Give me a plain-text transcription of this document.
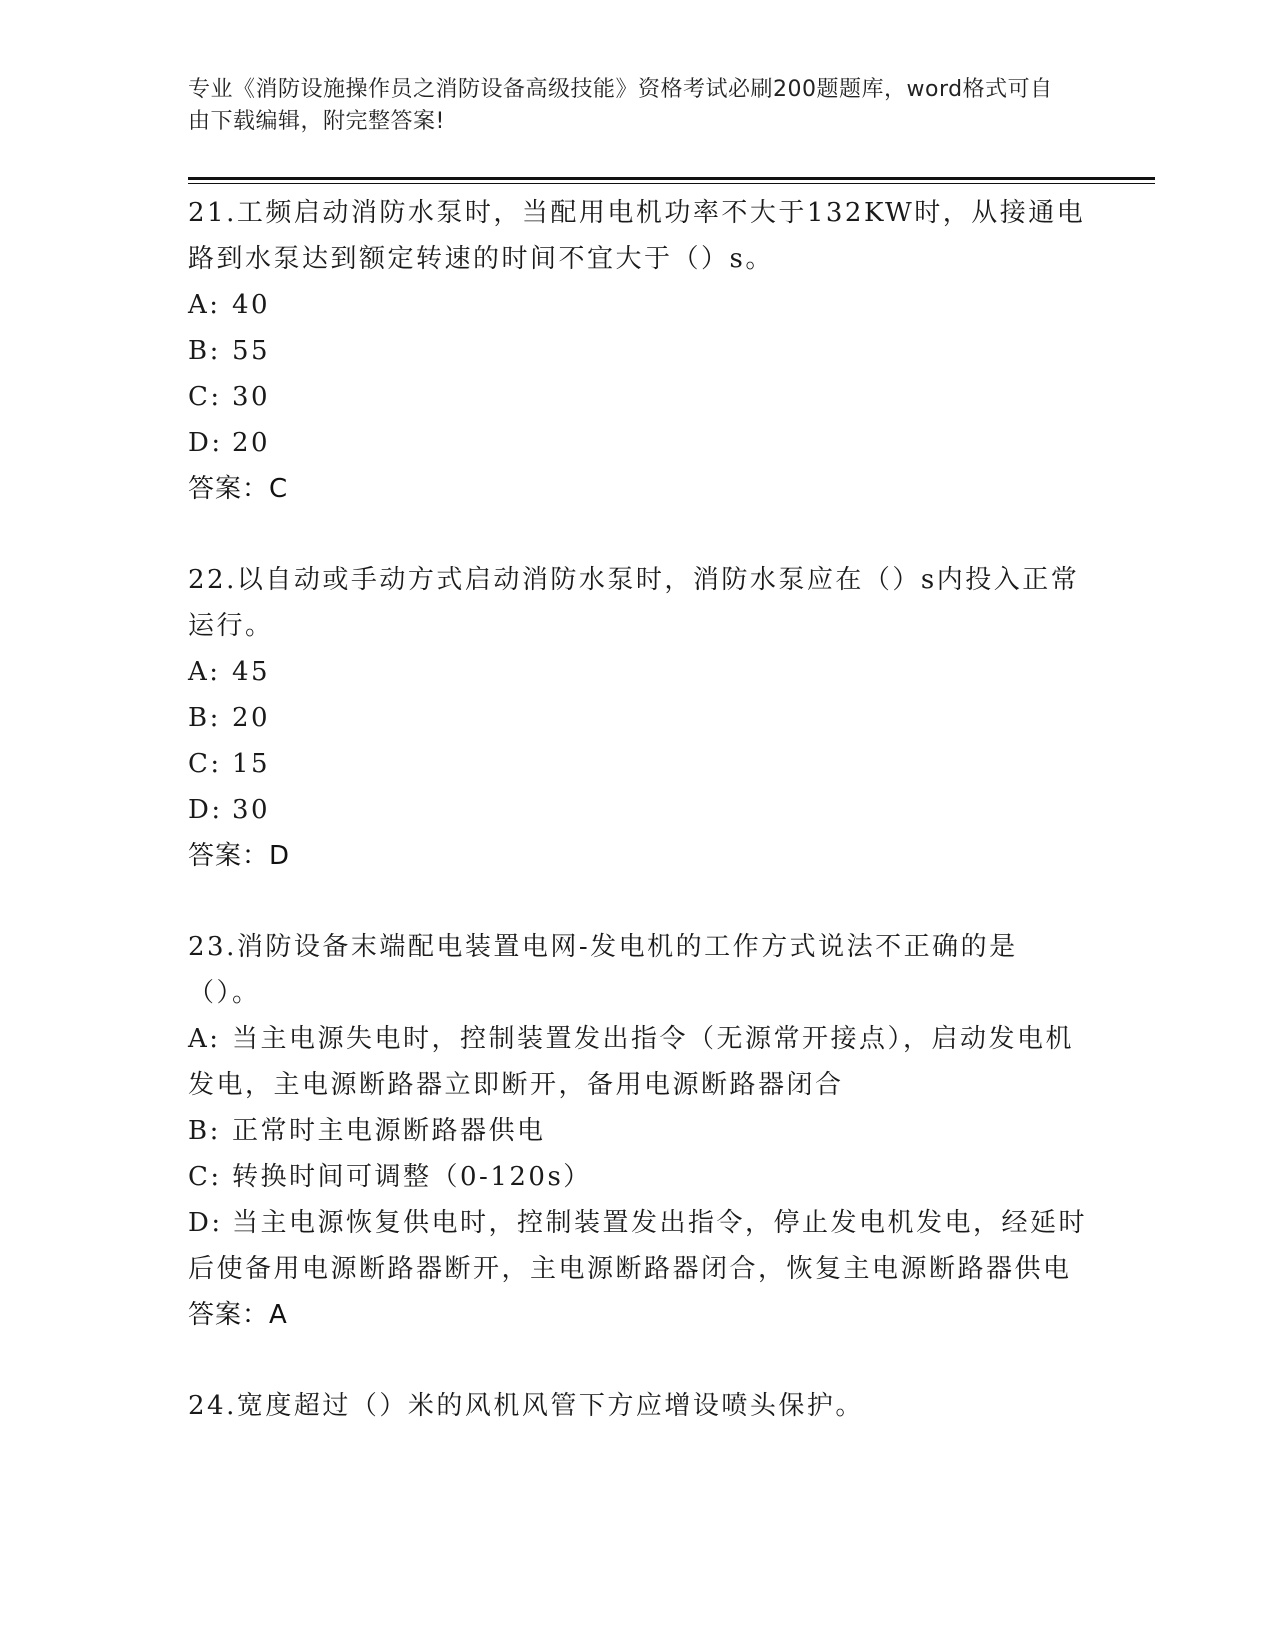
专业《消防设施操作员之消防设备高级技能》资格考试必刷200题题库，word格式可自由下载编辑，附完整答案!

21.工频启动消防水泵时，当配用电机功率不大于132KW时，从接通电路到水泵达到额定转速的时间不宜大于（）s。

A: 40

B: 55

C: 30

D: 20

答案：C

22.以自动或手动方式启动消防水泵时，消防水泵应在（）s内投入正常运行。

A: 45

B: 20

C: 15

D: 30

答案：D

23.消防设备末端配电装置电网-发电机的工作方式说法不正确的是（）。

A: 当主电源失电时，控制装置发出指令（无源常开接点），启动发电机发电，主电源断路器立即断开，备用电源断路器闭合

B: 正常时主电源断路器供电

C: 转换时间可调整（0-120s）

D: 当主电源恢复供电时，控制装置发出指令，停止发电机发电，经延时后使备用电源断路器断开，主电源断路器闭合，恢复主电源断路器供电

答案：A

24.宽度超过（）米的风机风管下方应增设喷头保护。
